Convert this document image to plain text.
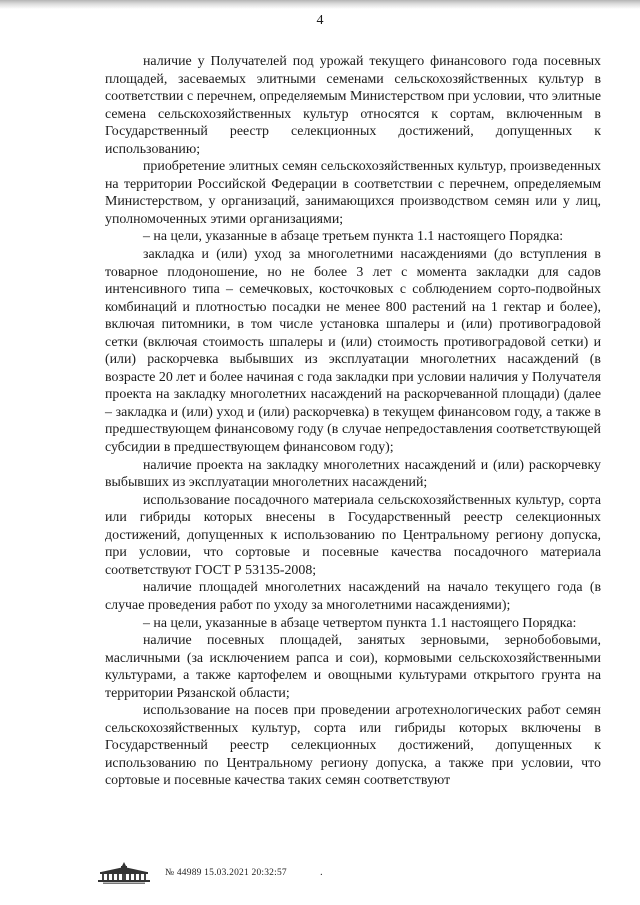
4

наличие у Получателей под урожай текущего финансового года посевных площадей, засеваемых элитными семенами сельскохозяйственных культур в соответствии с перечнем, определяемым Министерством при условии, что элитные семена сельскохозяйственных культур относятся к сортам, включенным в Государственный реестр селекционных достижений, допущенных к использованию;

приобретение элитных семян сельскохозяйственных культур, произведенных на территории Российской Федерации в соответствии с перечнем, определяемым Министерством, у организаций, занимающихся производством семян или у лиц, уполномоченных этими организациями;

– на цели, указанные в абзаце третьем пункта 1.1 настоящего Порядка:

закладка и (или) уход за многолетними насаждениями (до вступления в товарное плодоношение, но не более 3 лет с момента закладки для садов интенсивного типа – семечковых, косточковых с соблюдением сорто-подвойных комбинаций и плотностью посадки не менее 800 растений на 1 гектар и более), включая питомники, в том числе установка шпалеры и (или) противоградовой сетки (включая стоимость шпалеры и (или) стоимость противоградовой сетки) и (или) раскорчевка выбывших из эксплуатации многолетних насаждений (в возрасте 20 лет и более начиная с года закладки при условии наличия у Получателя проекта на закладку многолетних насаждений на раскорчеванной площади) (далее – закладка и (или) уход и (или) раскорчевка) в текущем финансовом году, а также в предшествующем финансовому году (в случае непредоставления соответствующей субсидии в предшествующем финансовом году);

наличие проекта на закладку многолетних насаждений и (или) раскорчевку выбывших из эксплуатации многолетних насаждений;

использование посадочного материала сельскохозяйственных культур, сорта или гибриды которых внесены в Государственный реестр селекционных достижений, допущенных к использованию по Центральному региону допуска, при условии, что сортовые и посевные качества посадочного материала соответствуют ГОСТ Р 53135-2008;

наличие площадей многолетних насаждений на начало текущего года (в случае проведения работ по уходу за многолетними насаждениями);

– на цели, указанные в абзаце четвертом пункта 1.1 настоящего Порядка:

наличие посевных площадей, занятых зерновыми, зернобобовыми, масличными (за исключением рапса и сои), кормовыми сельскохозяйственными культурами, а также картофелем и овощными культурами открытого грунта на территории Рязанской области;

использование на посев при проведении агротехнологических работ семян сельскохозяйственных культур, сорта или гибриды которых включены в Государственный реестр селекционных достижений, допущенных к использованию по Центральному региону допуска, а также при условии, что сортовые и посевные качества таких семян соответствуют

№ 44989 15.03.2021 20:32:57	.
